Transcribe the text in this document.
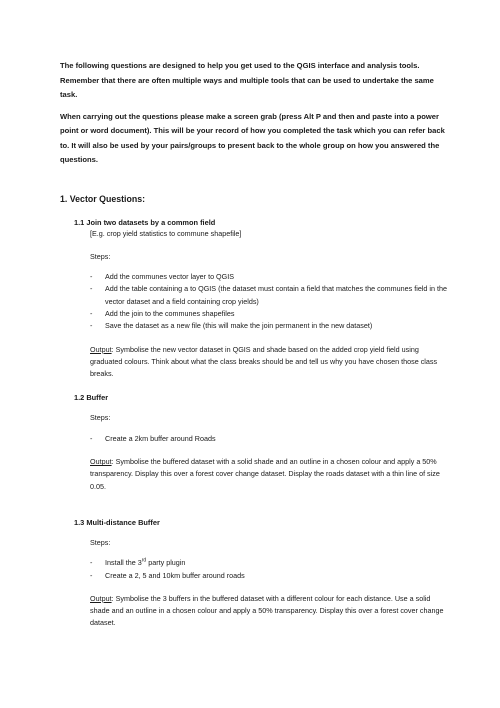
The following questions are designed to help you get used to the QGIS interface and analysis tools. Remember that there are often multiple ways and multiple tools that can be used to undertake the same task.

When carrying out the questions please make a screen grab (press Alt P and then and paste into a power point or word document). This will be your record of how you completed the task which you can refer back to. It will also be used by your pairs/groups to present back to the whole group on how you answered the questions.

1. Vector Questions:

1.1 Join two datasets by a common field

[E.g. crop yield statistics to commune shapefile]

Steps:

- Add the communes vector layer to QGIS
- Add the table containing a to QGIS (the dataset must contain a field that matches the communes field in the vector dataset and a field containing crop yields)
- Add the join to the communes shapefiles
- Save the dataset as a new file (this will make the join permanent in the new dataset)

Output: Symbolise the new vector dataset in QGIS and shade based on the added crop yield field using graduated colours. Think about what the class breaks should be and tell us why you have chosen those class breaks.

1.2 Buffer

Steps:

- Create a 2km buffer around Roads

Output: Symbolise the buffered dataset with a solid shade and an outline in a chosen colour and apply a 50% transparency. Display this over a forest cover change dataset. Display the roads dataset with a thin line of size 0.05.

1.3 Multi-distance Buffer

Steps:

- Install the 3rd party plugin
- Create a 2, 5 and 10km buffer around roads

Output: Symbolise the 3 buffers in the buffered dataset with a different colour for each distance. Use a solid shade and an outline in a chosen colour and apply a 50% transparency. Display this over a forest cover change dataset.
